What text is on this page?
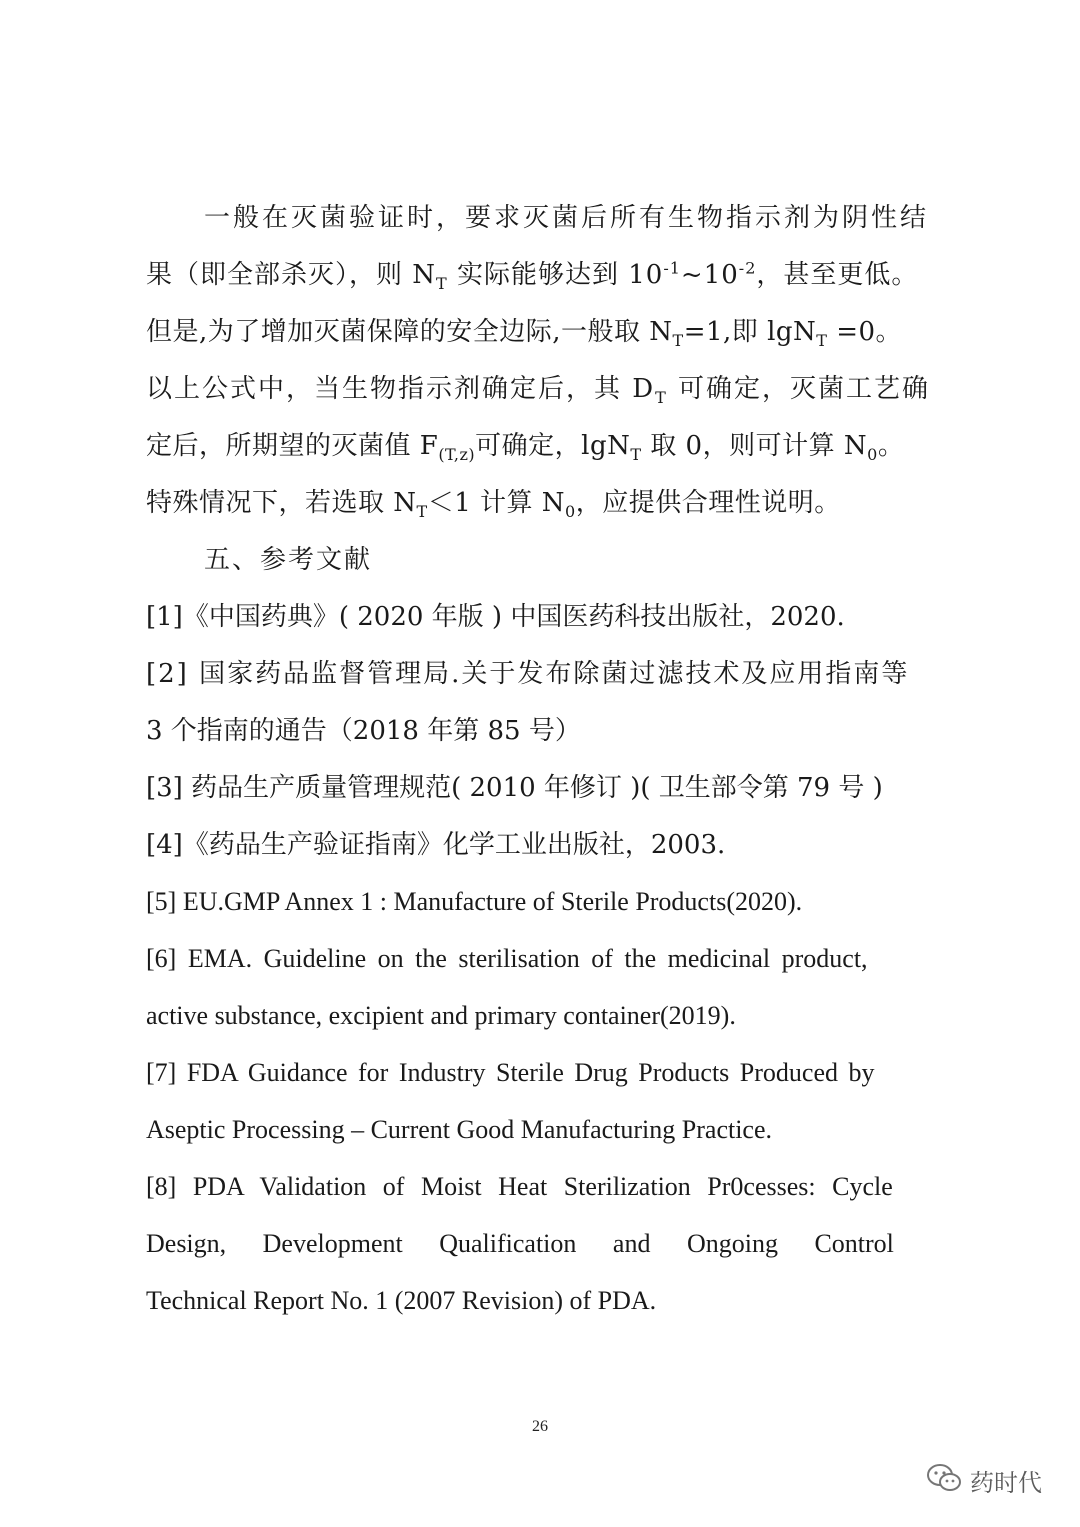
一般在灭菌验证时，要求灭菌后所有生物指示剂为阴性结
果（即全部杀灭），则 $N_T$ 实际能够达到 $10^{-1}\sim 10^{-2}$，甚至更低。
但是,为了增加灭菌保障的安全边际,一般取 $N_T=1$,即 lgN$_T$ =0。
以上公式中，当生物指示剂确定后，其 $D_T$ 可确定，灭菌工艺确
定后，所期望的灭菌值 $F_{(T,z)}$可确定，lgN$_T$ 取 0，则可计算 $N_0$。
特殊情况下，若选取 $N_T<1$ 计算 $N_0$，应提供合理性说明。
五、参考文献
[1]《中国药典》( 2020 年版 ) 中国医药科技出版社，2020.
[2] 国家药品监督管理局.关于发布除菌过滤技术及应用指南等
3 个指南的通告（2018 年第 85 号）
[3] 药品生产质量管理规范( 2010 年修订 )( 卫生部令第 79 号 )
[4]《药品生产验证指南》化学工业出版社，2003.
[5] EU.GMP Annex 1 : Manufacture of Sterile Products(2020).
[6] EMA. Guideline on the sterilisation of the medicinal product,
active substance, excipient and primary container(2019).
[7] FDA Guidance for Industry Sterile Drug Products Produced by
Aseptic Processing – Current Good Manufacturing Practice.
[8] PDA Validation of Moist Heat Sterilization Pr0cesses: Cycle
Design, Development Qualification and Ongoing Control
Technical Report No. 1 (2007 Revision) of PDA.
26
药时代
